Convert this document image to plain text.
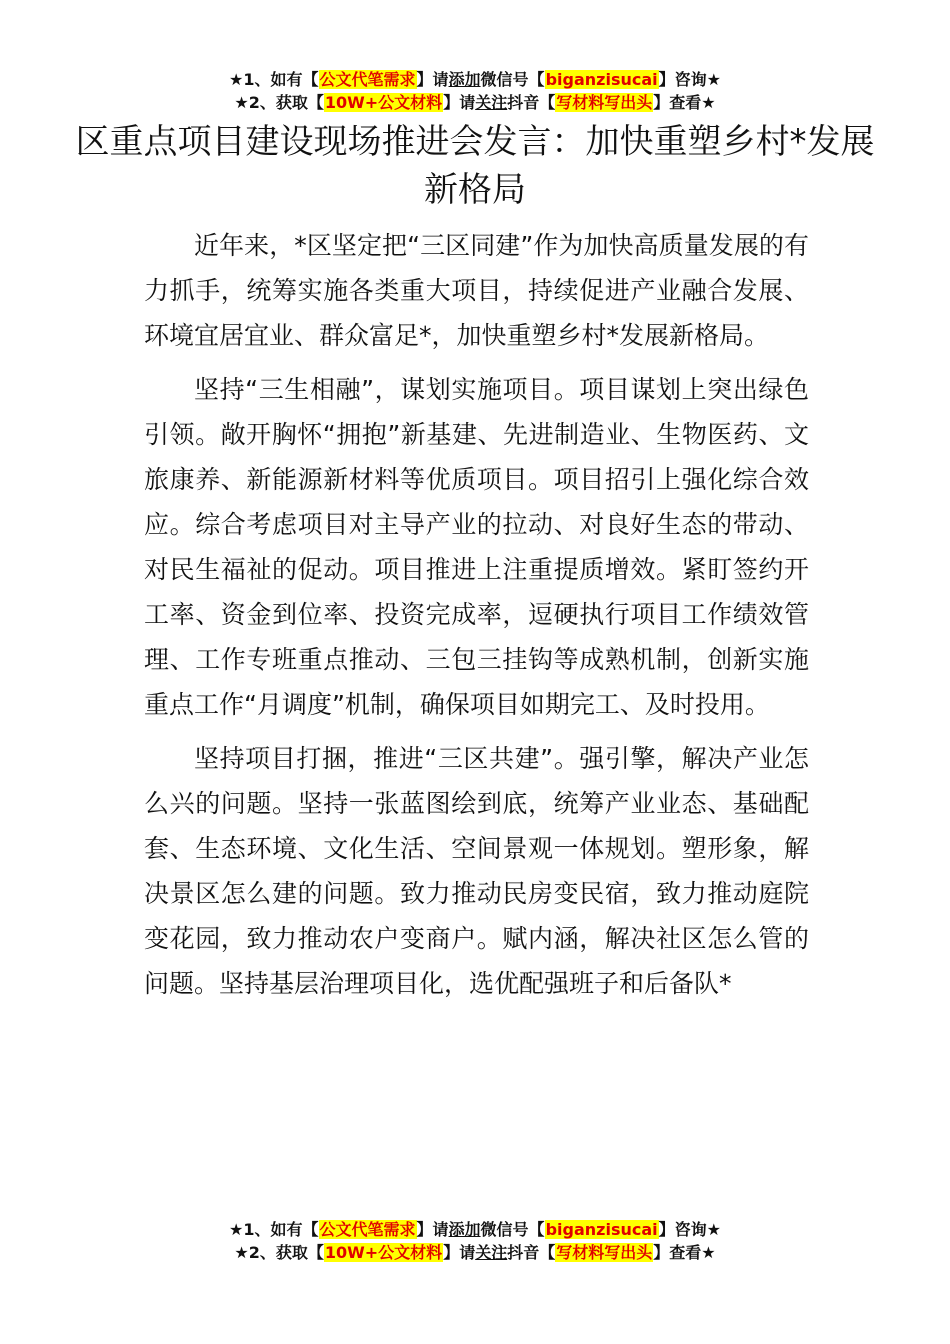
★1、如有【公文代笔需求】请添加微信号【biganzisucai】咨询★
★2、获取【10W+公文材料】请关注抖音【写材料写出头】查看★
区重点项目建设现场推进会发言：加快重塑乡村*发展新格局

近年来，*区坚定把“三区同建”作为加快高质量发展的有力抓手，统筹实施各类重大项目，持续促进产业融合发展、环境宜居宜业、群众富足*，加快重塑乡村*发展新格局。

坚持“三生相融”，谋划实施项目。项目谋划上突出绿色引领。敞开胸怀“拥抱”新基建、先进制造业、生物医药、文旅康养、新能源新材料等优质项目。项目招引上强化综合效应。综合考虑项目对主导产业的拉动、对良好生态的带动、对民生福祉的促动。项目推进上注重提质增效。紧盯签约开工率、资金到位率、投资完成率，逗硬执行项目工作绩效管理、工作专班重点推动、三包三挂钩等成熟机制，创新实施重点工作“月调度”机制，确保项目如期完工、及时投用。

坚持项目打捆，推进“三区共建”。强引擎，解决产业怎么兴的问题。坚持一张蓝图绘到底，统筹产业业态、基础配套、生态环境、文化生活、空间景观一体规划。塑形象，解决景区怎么建的问题。致力推动民房变民宿，致力推动庭院变花园，致力推动农户变商户。赋内涵，解决社区怎么管的问题。坚持基层治理项目化，选优配强班子和后备队*

★1、如有【公文代笔需求】请添加微信号【biganzisucai】咨询★
★2、获取【10W+公文材料】请关注抖音【写材料写出头】查看★
